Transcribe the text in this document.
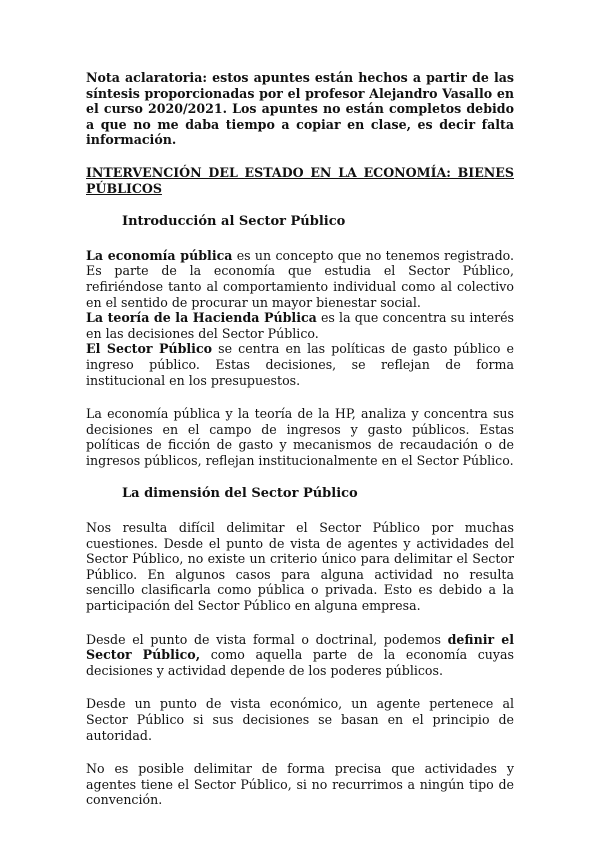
Nota aclaratoria: estos apuntes están hechos a partir de las síntesis proporcionadas por el profesor Alejandro Vasallo en el curso 2020/2021. Los apuntes no están completos debido a que no me daba tiempo a copiar en clase, es decir falta información.

INTERVENCIÓN DEL ESTADO EN LA ECONOMÍA: BIENES PÚBLICOS

Introducción al Sector Público

La economía pública es un concepto que no tenemos registrado. Es parte de la economía que estudia el Sector Público, refiriéndose tanto al comportamiento individual como al colectivo en el sentido de procurar un mayor bienestar social.

La teoría de la Hacienda Pública es la que concentra su interés en las decisiones del Sector Público.

El Sector Público se centra en las políticas de gasto público e ingreso público. Estas decisiones, se reflejan de forma institucional en los presupuestos.

La economía pública y la teoría de la HP, analiza y concentra sus decisiones en el campo de ingresos y gasto públicos. Estas políticas de ficción de gasto y mecanismos de recaudación o de ingresos públicos, reflejan institucionalmente en el Sector Público.

La dimensión del Sector Público

Nos resulta difícil delimitar el Sector Público por muchas cuestiones. Desde el punto de vista de agentes y actividades del Sector Público, no existe un criterio único para delimitar el Sector Público. En algunos casos para alguna actividad no resulta sencillo clasificarla como pública o privada. Esto es debido a la participación del Sector Público en alguna empresa.

Desde el punto de vista formal o doctrinal, podemos definir el Sector Público, como aquella parte de la economía cuyas decisiones y actividad depende de los poderes públicos.

Desde un punto de vista económico, un agente pertenece al Sector Público si sus decisiones se basan en el principio de autoridad.

No es posible delimitar de forma precisa que actividades y agentes tiene el Sector Público, si no recurrimos a ningún tipo de convención.
